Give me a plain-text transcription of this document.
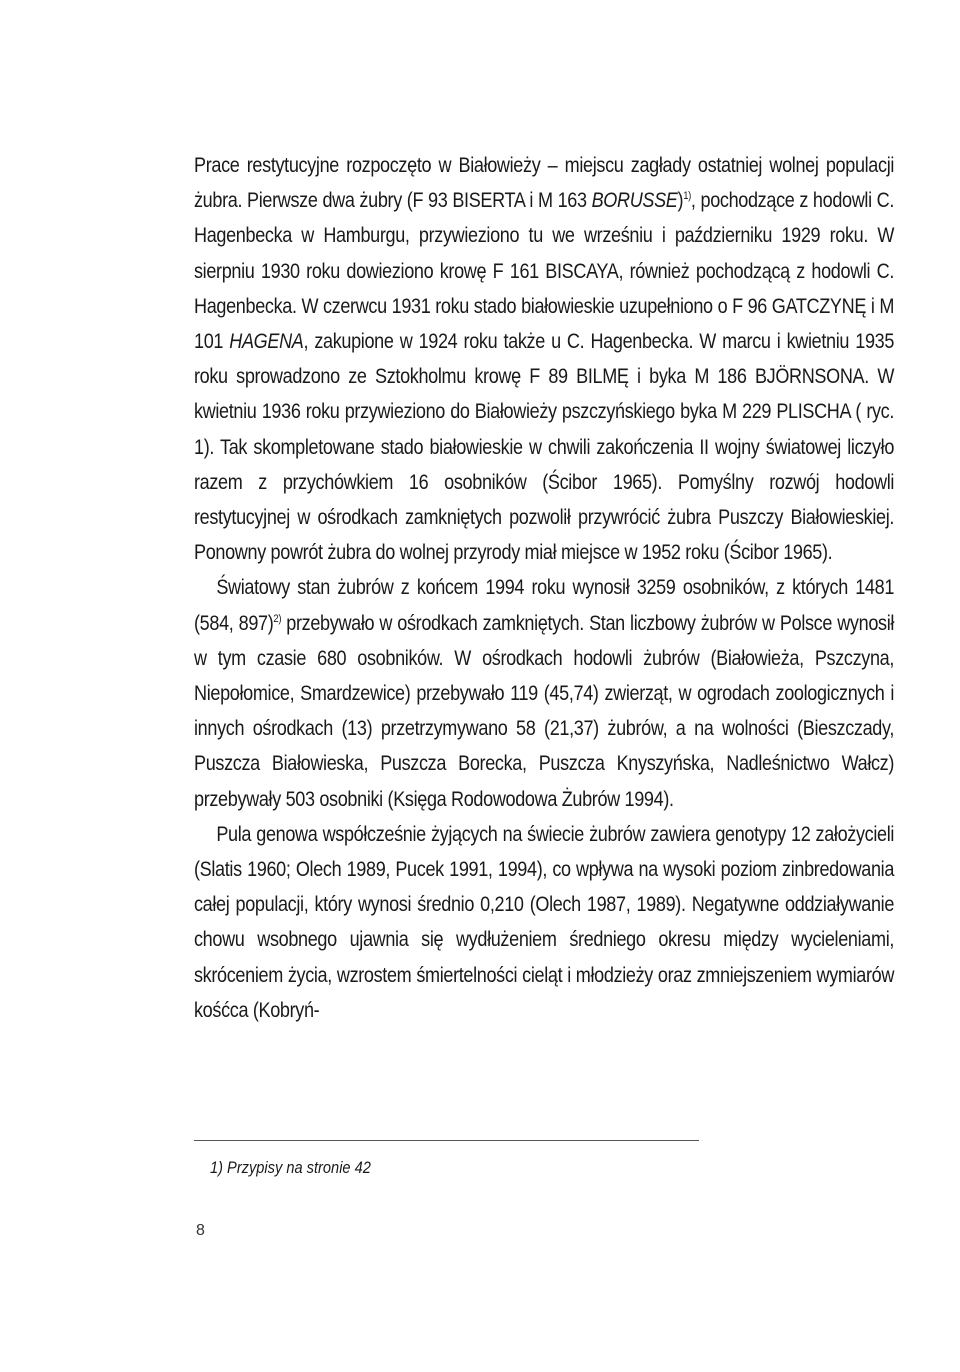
Prace restytucyjne rozpoczęto w Białowieży – miejscu zagłady ostatniej wolnej populacji żubra. Pierwsze dwa żubry (F 93 BISERTA i M 163 BORUSSE)$^{1)}$, pochodzące z hodowli C. Hagenbecka w Hamburgu, przywieziono tu we wrześniu i październiku 1929 roku. W sierpniu 1930 roku dowieziono krowę F 161 BISCAYA, również pochodzącą z hodowli C. Hagenbecka. W czerwcu 1931 roku stado białowieskie uzupełniono o F 96 GATCZYNĘ i M 101 HAGENA, zakupione w 1924 roku także u C. Hagenbecka. W marcu i kwietniu 1935 roku sprowadzono ze Sztokholmu krowę F 89 BILMĘ i byka M 186 BJÖRNSONA. W kwietniu 1936 roku przywieziono do Białowieży pszczyńskiego byka M 229 PLISCHA ( ryc. 1). Tak skompletowane stado białowieskie w chwili zakończenia II wojny światowej liczyło razem z przychówkiem 16 osobników (Ścibor 1965). Pomyślny rozwój hodowli restytucyjnej w ośrodkach zamkniętych pozwolił przywrócić żubra Puszczy Białowieskiej. Ponowny powrót żubra do wolnej przyrody miał miejsce w 1952 roku (Ścibor 1965).

Światowy stan żubrów z końcem 1994 roku wynosił 3259 osobników, z których 1481 (584, 897)$^{2)}$ przebywało w ośrodkach zamkniętych. Stan liczbowy żubrów w Polsce wynosił w tym czasie 680 osobników. W ośrodkach hodowli żubrów (Białowieża, Pszczyna, Niepołomice, Smardzewice) przebywało 119 (45,74) zwierząt, w ogrodach zoologicznych i innych ośrodkach (13) przetrzymywano 58 (21,37) żubrów, a na wolności (Bieszczady, Puszcza Białowieska, Puszcza Borecka, Puszcza Knyszyńska, Nadleśnictwo Wałcz) przebywały 503 osobniki (Księga Rodowodowa Żubrów 1994).

Pula genowa współcześnie żyjących na świecie żubrów zawiera genotypy 12 założycieli (Slatis 1960; Olech 1989, Pucek 1991, 1994), co wpływa na wysoki poziom zinbredowania całej populacji, który wynosi średnio 0,210 (Olech 1987, 1989). Negatywne oddziaływanie chowu wsobnego ujawnia się wydłużeniem średniego okresu między wycieleniami, skróceniem życia, wzrostem śmiertelności cieląt i młodzieży oraz zmniejszeniem wymiarów kośćca (Kobryń-

1) Przypisy na stronie 42
8
